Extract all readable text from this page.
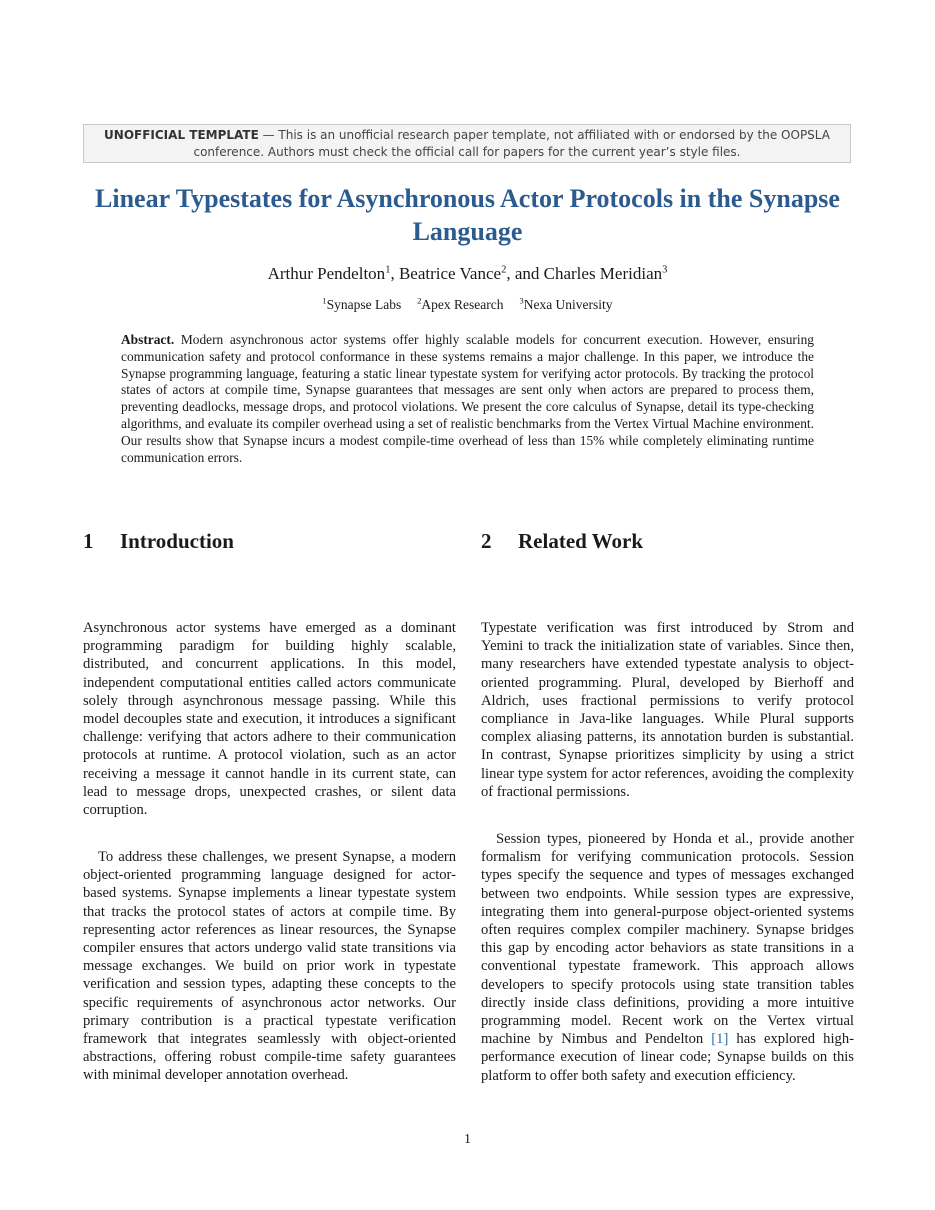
UNOFFICIAL TEMPLATE — This is an unofficial research paper template, not affiliated with or endorsed by the OOPSLA conference. Authors must check the official call for papers for the current year’s style files.
Linear Typestates for Asynchronous Actor Protocols in the Synapse Language
Arthur Pendelton$^1$, Beatrice Vance$^2$, and Charles Meridian$^3$
$^1$Synapse Labs $^2$Apex Research $^3$Nexa University

Abstract. Modern asynchronous actor systems offer highly scalable models for concurrent execution. However, ensuring communication safety and protocol conformance in these systems remains a major challenge. In this paper, we introduce the Synapse programming language, featuring a static linear typestate system for verifying actor protocols. By tracking the protocol states of actors at compile time, Synapse guarantees that messages are sent only when actors are prepared to process them, preventing deadlocks, message drops, and protocol violations. We present the core calculus of Synapse, detail its type-checking algorithms, and evaluate its compiler overhead using a set of realistic benchmarks from the Vertex Virtual Machine environment. Our results show that Synapse incurs a modest compile-time overhead of less than 15% while completely eliminating runtime communication errors.

1 Introduction	2 Related Work

Asynchronous actor systems have emerged as a dominant programming paradigm for building highly scalable, distributed, and concurrent applications. In this model, independent computational entities called actors communicate solely through asynchronous message passing. While this model decouples state and execution, it introduces a significant challenge: verifying that actors adhere to their communication protocols at runtime. A protocol violation, such as an actor receiving a message it cannot handle in its current state, can lead to message drops, unexpected crashes, or silent data corruption.

To address these challenges, we present Synapse, a modern object-oriented programming language designed for actor-based systems. Synapse implements a linear typestate system that tracks the protocol states of actors at compile time. By representing actor references as linear resources, the Synapse compiler ensures that actors undergo valid state transitions via message exchanges. We build on prior work in typestate verification and session types, adapting these concepts to the specific requirements of asynchronous actor networks. Our primary contribution is a practical typestate verification framework that integrates seamlessly with object-oriented abstractions, offering robust compile-time safety guarantees with minimal developer annotation overhead.

Typestate verification was first introduced by Strom and Yemini to track the initialization state of variables. Since then, many researchers have extended typestate analysis to object-oriented programming. Plural, developed by Bierhoff and Aldrich, uses fractional permissions to verify protocol compliance in Java-like languages. While Plural supports complex aliasing patterns, its annotation burden is substantial. In contrast, Synapse prioritizes simplicity by using a strict linear type system for actor references, avoiding the complexity of fractional permissions.

Session types, pioneered by Honda et al., provide another formalism for verifying communication protocols. Session types specify the sequence and types of messages exchanged between two endpoints. While session types are expressive, integrating them into general-purpose object-oriented systems often requires complex compiler machinery. Synapse bridges this gap by encoding actor behaviors as state transitions in a conventional typestate framework. This approach allows developers to specify protocols using state transition tables directly inside class definitions, providing a more intuitive programming model. Recent work on the Vertex virtual machine by Nimbus and Pendelton [1] has explored high-performance execution of linear code; Synapse builds on this platform to offer both safety and execution efficiency.

1
